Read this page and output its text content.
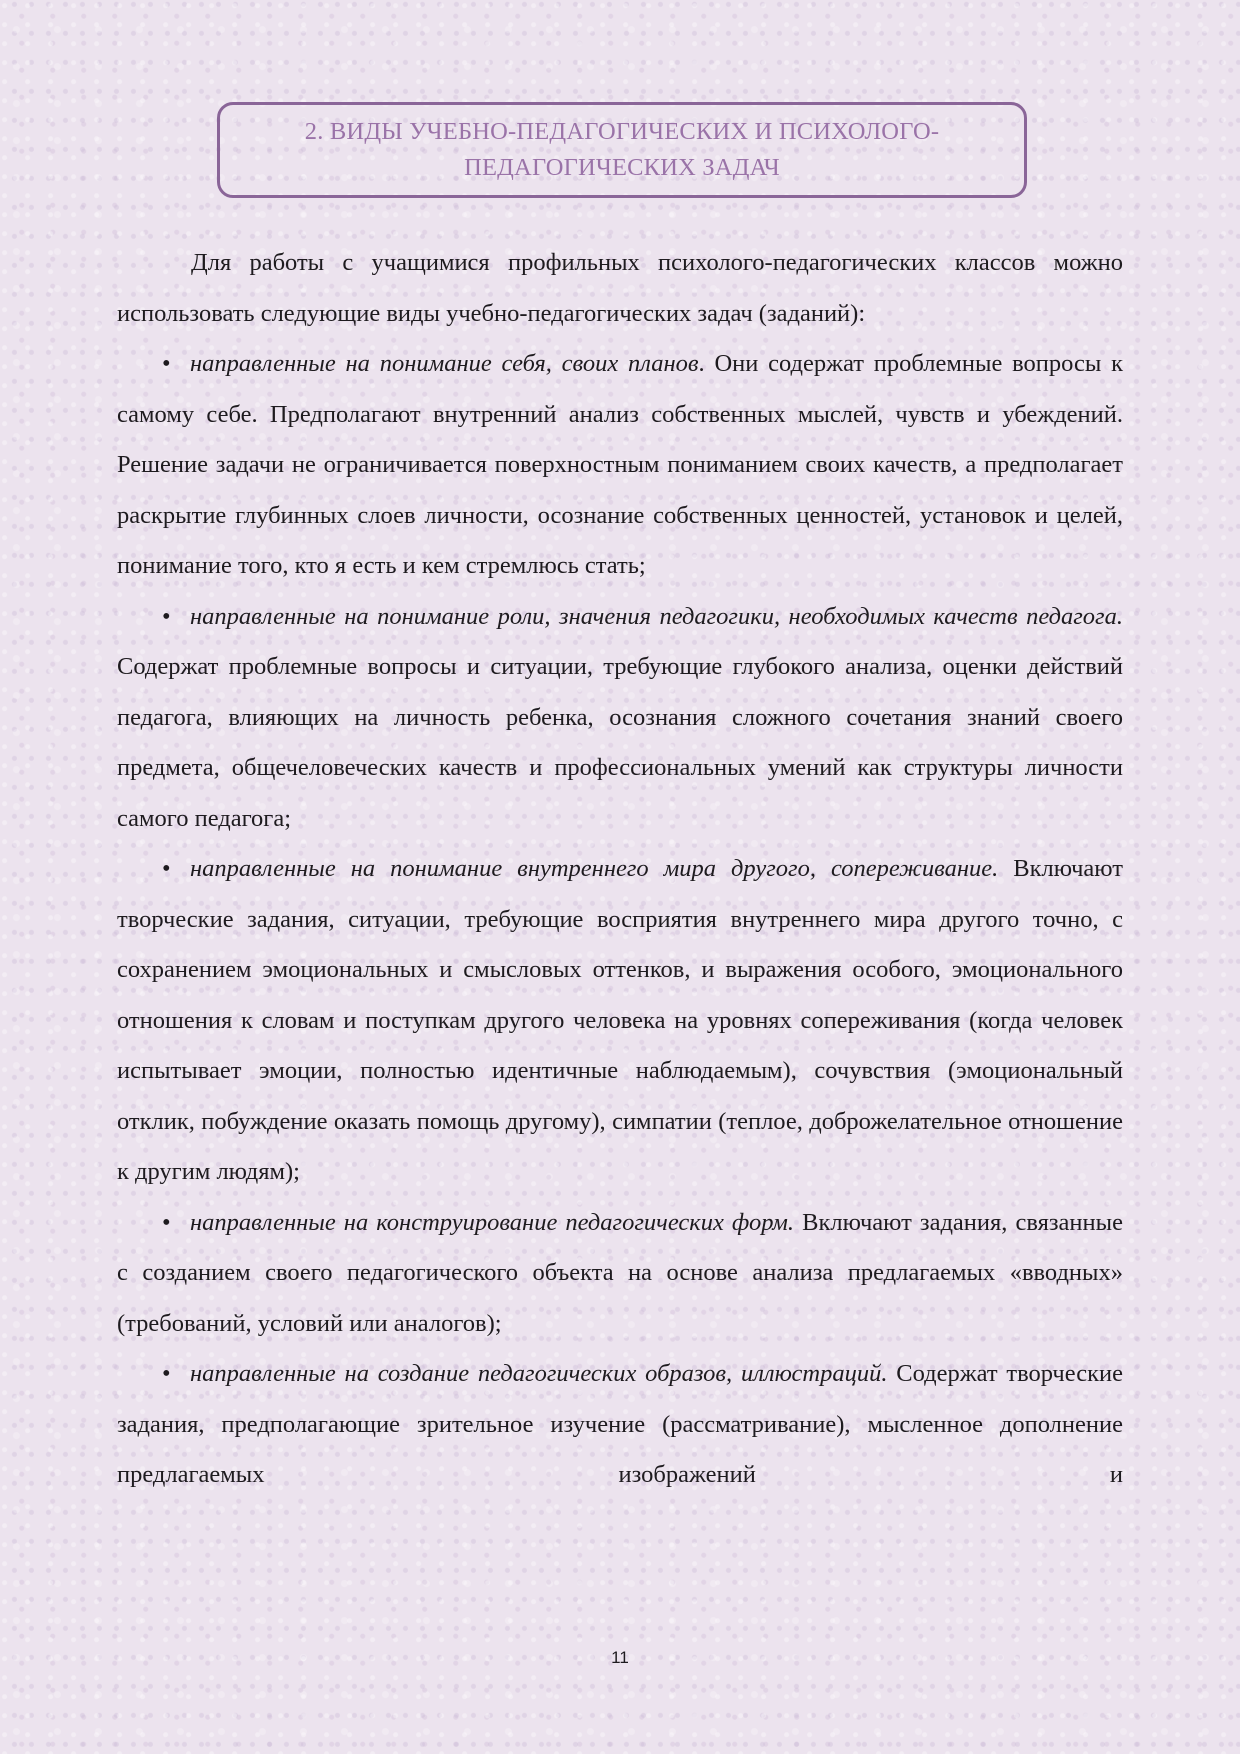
2. ВИДЫ УЧЕБНО-ПЕДАГОГИЧЕСКИХ И ПСИХОЛОГО-
ПЕДАГОГИЧЕСКИХ ЗАДАЧ

Для работы с учащимися профильных психолого-педагогических классов можно использовать следующие виды учебно-педагогических задач (заданий):

• направленные на понимание себя, своих планов. Они содержат проблемные вопросы к самому себе. Предполагают внутренний анализ собственных мыслей, чувств и убеждений. Решение задачи не ограничивается поверхностным пониманием своих качеств, а предполагает раскрытие глубинных слоев личности, осознание собственных ценностей, установок и целей, понимание того, кто я есть и кем стремлюсь стать;

• направленные на понимание роли, значения педагогики, необходимых качеств педагога. Содержат проблемные вопросы и ситуации, требующие глубокого анализа, оценки действий педагога, влияющих на личность ребенка, осознания сложного сочетания знаний своего предмета, общечеловеческих качеств и профессиональных умений как структуры личности самого педагога;

• направленные на понимание внутреннего мира другого, сопереживание. Включают творческие задания, ситуации, требующие восприятия внутреннего мира другого точно, с сохранением эмоциональных и смысловых оттенков, и выражения особого, эмоционального отношения к словам и поступкам другого человека на уровнях сопереживания (когда человек испытывает эмоции, полностью идентичные наблюдаемым), сочувствия (эмоциональный отклик, побуждение оказать помощь другому), симпатии (теплое, доброжелательное отношение к другим людям);

• направленные на конструирование педагогических форм. Включают задания, связанные с созданием своего педагогического объекта на основе анализа предлагаемых «вводных» (требований, условий или аналогов);

• направленные на создание педагогических образов, иллюстраций. Содержат творческие задания, предполагающие зрительное изучение (рассматривание), мысленное дополнение предлагаемых изображений и

11
